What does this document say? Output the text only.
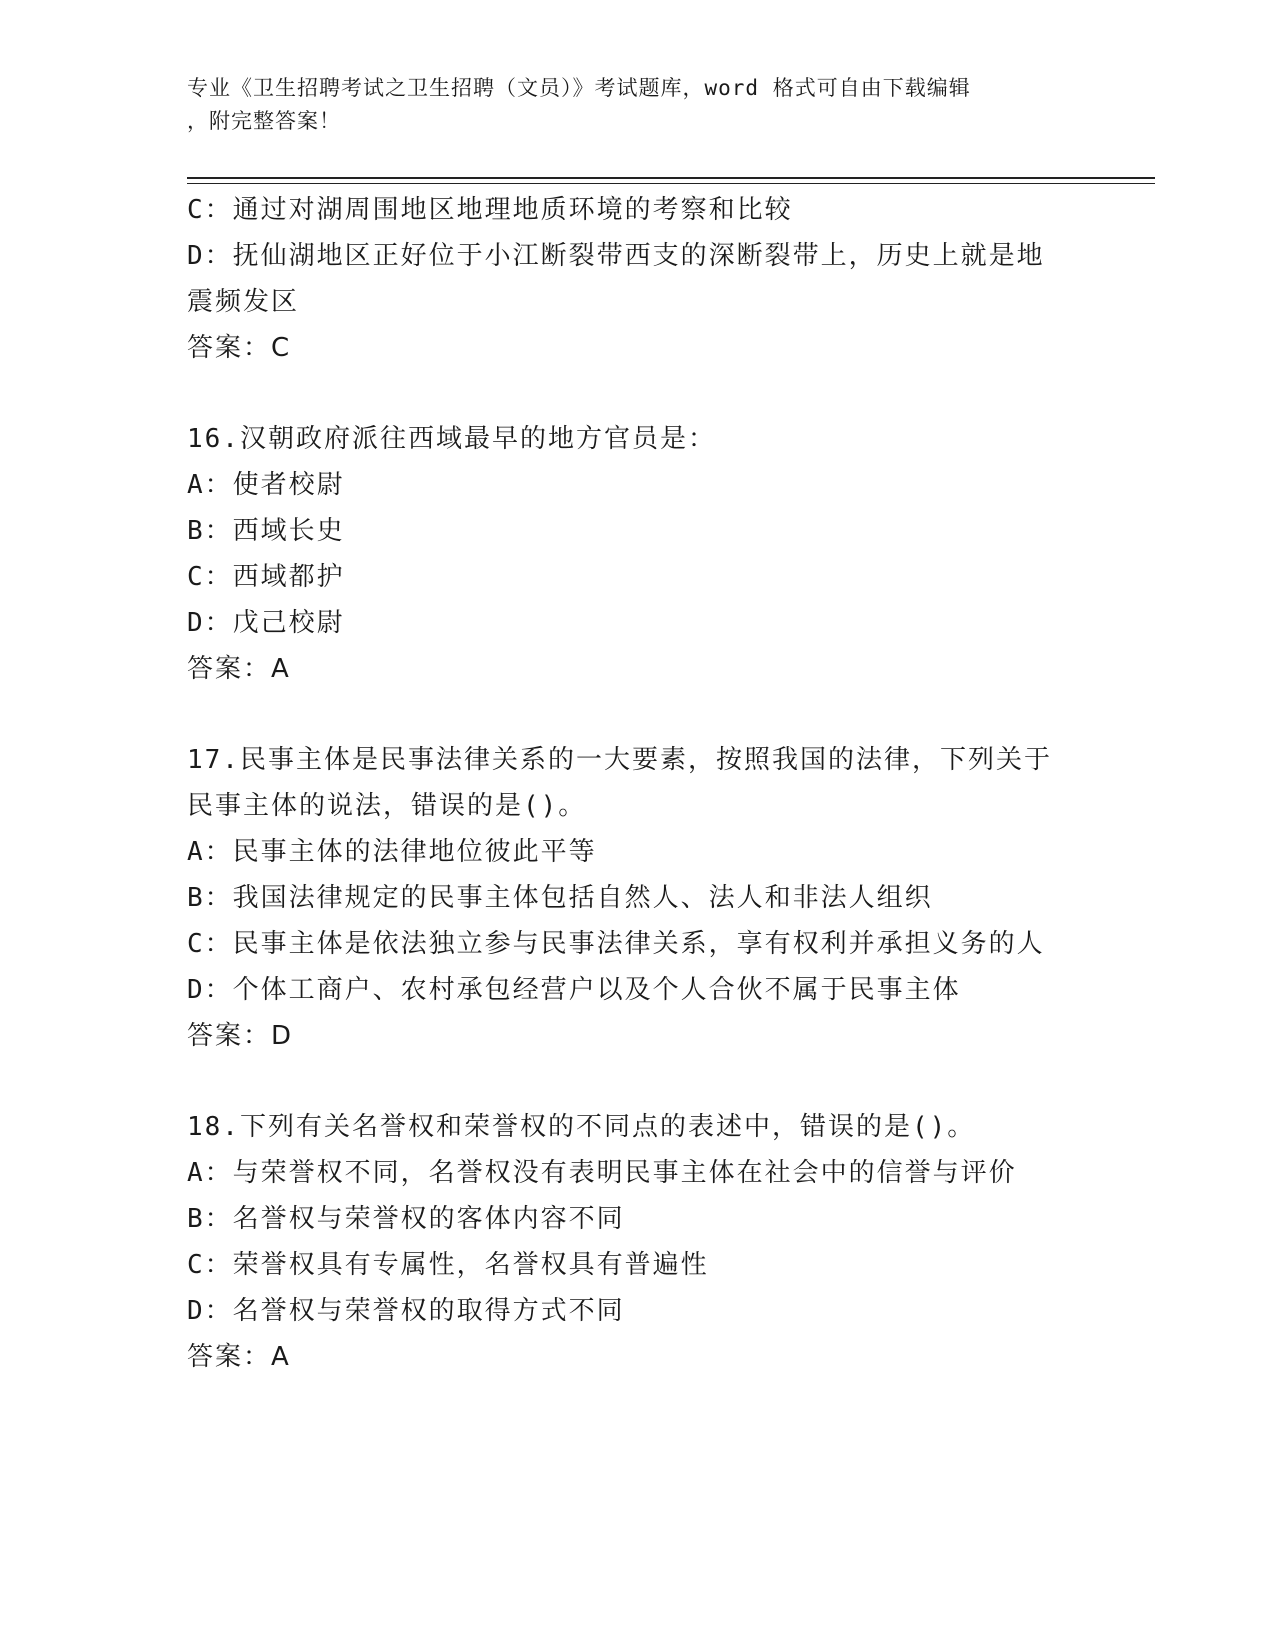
专业《卫生招聘考试之卫生招聘（文员）》考试题库，word 格式可自由下载编辑
，附完整答案！

C：通过对湖周围地区地理地质环境的考察和比较

D：抚仙湖地区正好位于小江断裂带西支的深断裂带上，历史上就是地

震频发区

答案：C

16.汉朝政府派往西域最早的地方官员是：

A：使者校尉

B：西域长史

C：西域都护

D：戊己校尉

答案：A

17.民事主体是民事法律关系的一大要素，按照我国的法律，下列关于

民事主体的说法，错误的是()。

A：民事主体的法律地位彼此平等

B：我国法律规定的民事主体包括自然人、法人和非法人组织

C：民事主体是依法独立参与民事法律关系，享有权利并承担义务的人

D：个体工商户、农村承包经营户以及个人合伙不属于民事主体

答案：D

18.下列有关名誉权和荣誉权的不同点的表述中，错误的是()。

A：与荣誉权不同，名誉权没有表明民事主体在社会中的信誉与评价

B：名誉权与荣誉权的客体内容不同

C：荣誉权具有专属性，名誉权具有普遍性

D：名誉权与荣誉权的取得方式不同

答案：A
